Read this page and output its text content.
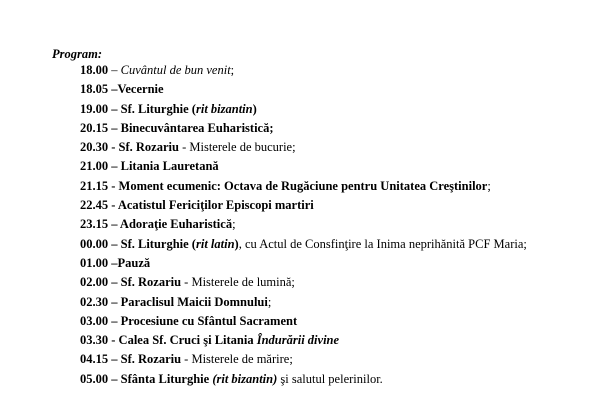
Program:
18.00 – Cuvântul de bun venit;
18.05 –Vecernie
19.00 – Sf. Liturghie (rit bizantin)
20.15 – Binecuvântarea Euharistică;
20.30 - Sf. Rozariu - Misterele de bucurie;
21.00 – Litania Lauretană
21.15 - Moment ecumenic: Octava de Rugăciune pentru Unitatea Creştinilor;
22.45 - Acatistul Fericiţilor Episcopi martiri
23.15 – Adoraţie Euharistică;
00.00 – Sf. Liturghie (rit latin), cu Actul de Consfinţire la Inima neprihănită PCF Maria;
01.00 –Pauză
02.00 – Sf. Rozariu - Misterele de lumină;
02.30 – Paraclisul Maicii Domnului;
03.00 – Procesiune cu Sfântul Sacrament
03.30 - Calea Sf. Cruci şi Litania Îndurării divine
04.15 – Sf. Rozariu - Misterele de mărire;
05.00 – Sfânta Liturghie (rit bizantin) şi salutul pelerinilor.
